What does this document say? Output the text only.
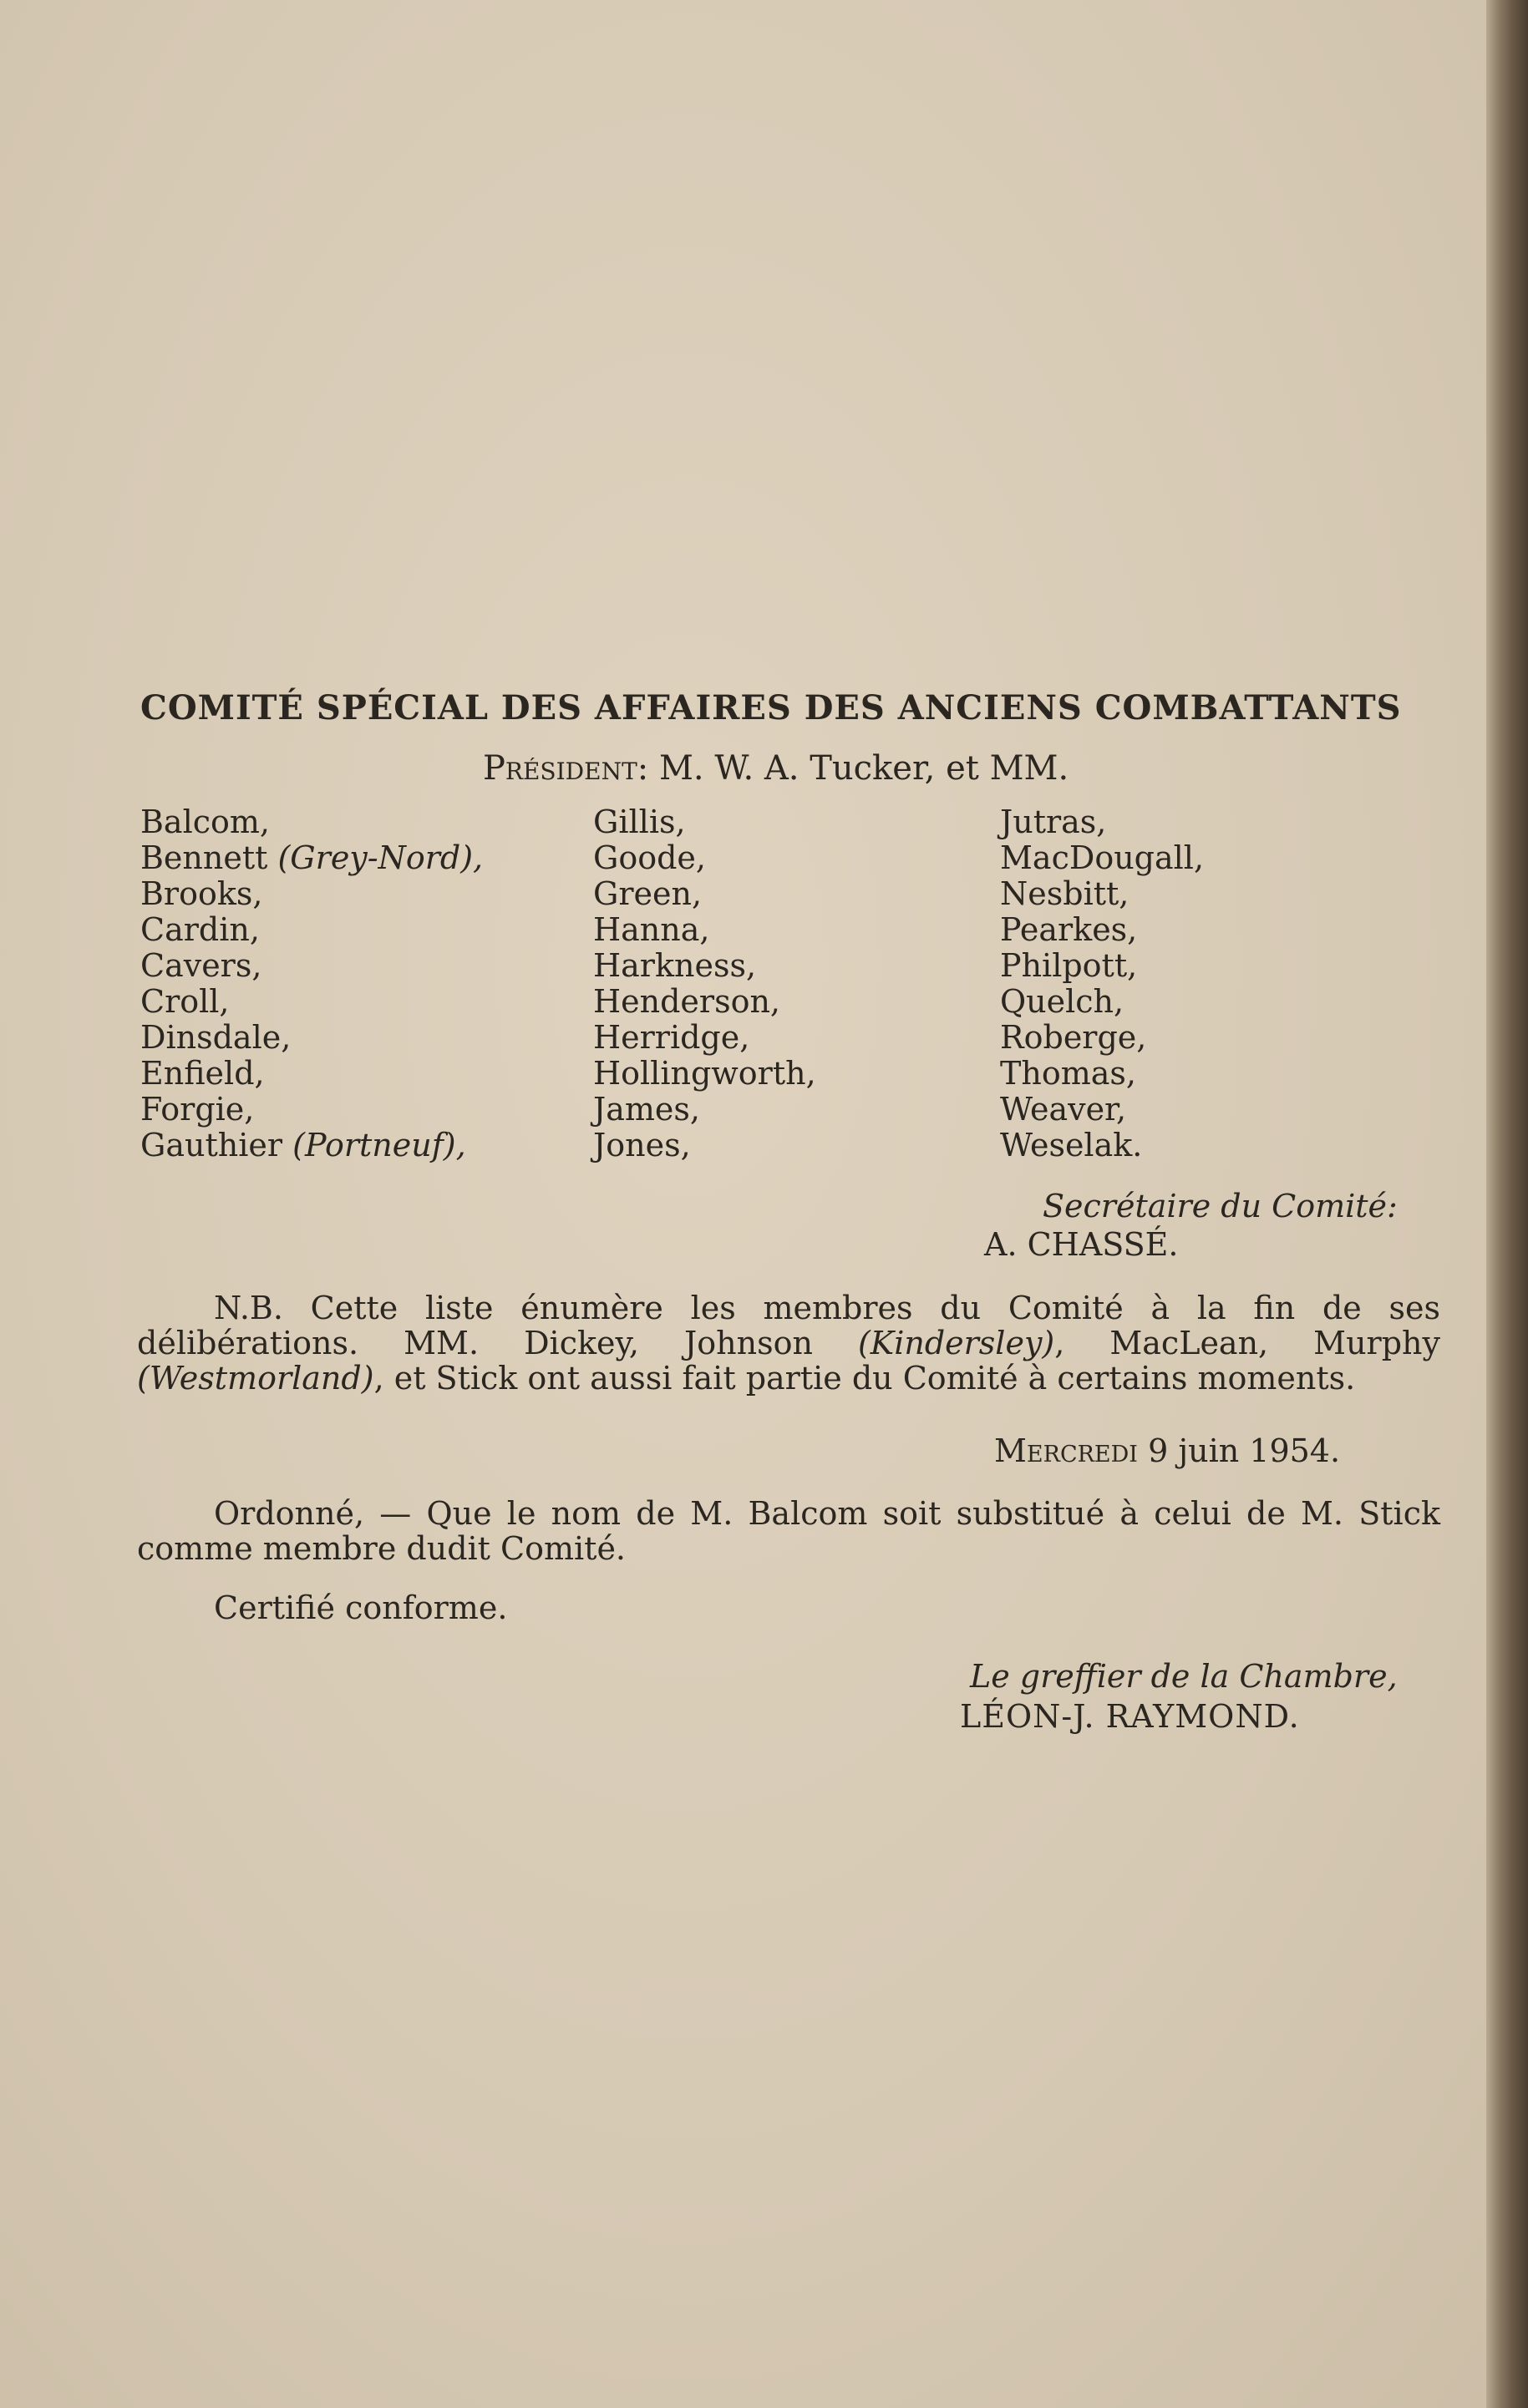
COMITÉ SPÉCIAL DES AFFAIRES DES ANCIENS COMBATTANTS
Président: M. W. A. Tucker, et MM.
Balcom,
Bennett (Grey-Nord),
Brooks,
Cardin,
Cavers,
Croll,
Dinsdale,
Enfield,
Forgie,
Gauthier (Portneuf),
Gillis,
Goode,
Green,
Hanna,
Harkness,
Henderson,
Herridge,
Hollingworth,
James,
Jones,
Jutras,
MacDougall,
Nesbitt,
Pearkes,
Philpott,
Quelch,
Roberge,
Thomas,
Weaver,
Weselak.
Secrétaire du Comité:
A. CHASSÉ.
N.B. Cette liste énumère les membres du Comité à la fin de ses délibérations. MM. Dickey, Johnson (Kindersley), MacLean, Murphy (Westmorland), et Stick ont aussi fait partie du Comité à certains moments.
Mercredi 9 juin 1954.
Ordonné, — Que le nom de M. Balcom soit substitué à celui de M. Stick comme membre dudit Comité.
Certifié conforme.
Le greffier de la Chambre,
LÉON-J. RAYMOND.
